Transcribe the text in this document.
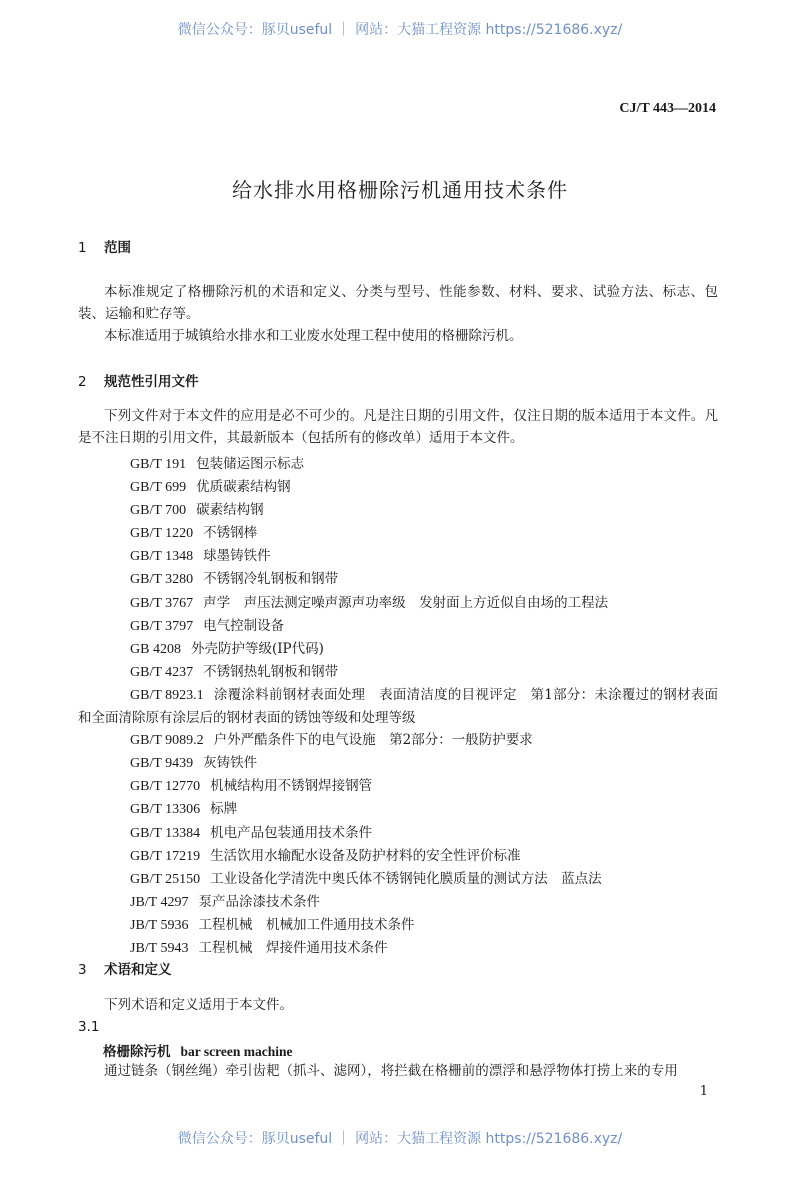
微信公众号：豚贝useful ｜ 网站：大猫工程资源 https://521686.xyz/
CJ/T 443—2014
给水排水用格栅除污机通用技术条件
1 范围
本标准规定了格栅除污机的术语和定义、分类与型号、性能参数、材料、要求、试验方法、标志、包装、运输和贮存等。
本标准适用于城镇给水排水和工业废水处理工程中使用的格栅除污机。
2 规范性引用文件
下列文件对于本文件的应用是必不可少的。凡是注日期的引用文件，仅注日期的版本适用于本文件。凡是不注日期的引用文件，其最新版本（包括所有的修改单）适用于本文件。
GB/T 191 包装储运图示标志
GB/T 699 优质碳素结构钢
GB/T 700 碳素结构钢
GB/T 1220 不锈钢棒
GB/T 1348 球墨铸铁件
GB/T 3280 不锈钢冷轧钢板和钢带
GB/T 3767 声学　声压法测定噪声源声功率级　发射面上方近似自由场的工程法
GB/T 3797 电气控制设备
GB 4208 外壳防护等级(IP代码)
GB/T 4237 不锈钢热轧钢板和钢带
GB/T 8923.1 涂覆涂料前钢材表面处理　表面清洁度的目视评定　第1部分：未涂覆过的钢材表面和全面清除原有涂层后的钢材表面的锈蚀等级和处理等级
GB/T 9089.2 户外严酷条件下的电气设施　第2部分：一般防护要求
GB/T 9439 灰铸铁件
GB/T 12770 机械结构用不锈钢焊接钢管
GB/T 13306 标牌
GB/T 13384 机电产品包装通用技术条件
GB/T 17219 生活饮用水输配水设备及防护材料的安全性评价标准
GB/T 25150 工业设备化学清洗中奥氏体不锈钢钝化膜质量的测试方法　蓝点法
JB/T 4297 泵产品涂漆技术条件
JB/T 5936 工程机械　机械加工件通用技术条件
JB/T 5943 工程机械　焊接件通用技术条件
3 术语和定义
下列术语和定义适用于本文件。
3.1
格栅除污机 bar screen machine
通过链条（钢丝绳）牵引齿耙（抓斗、滤网），将拦截在格栅前的漂浮和悬浮物体打捞上来的专用
1
微信公众号：豚贝useful ｜ 网站：大猫工程资源 https://521686.xyz/
